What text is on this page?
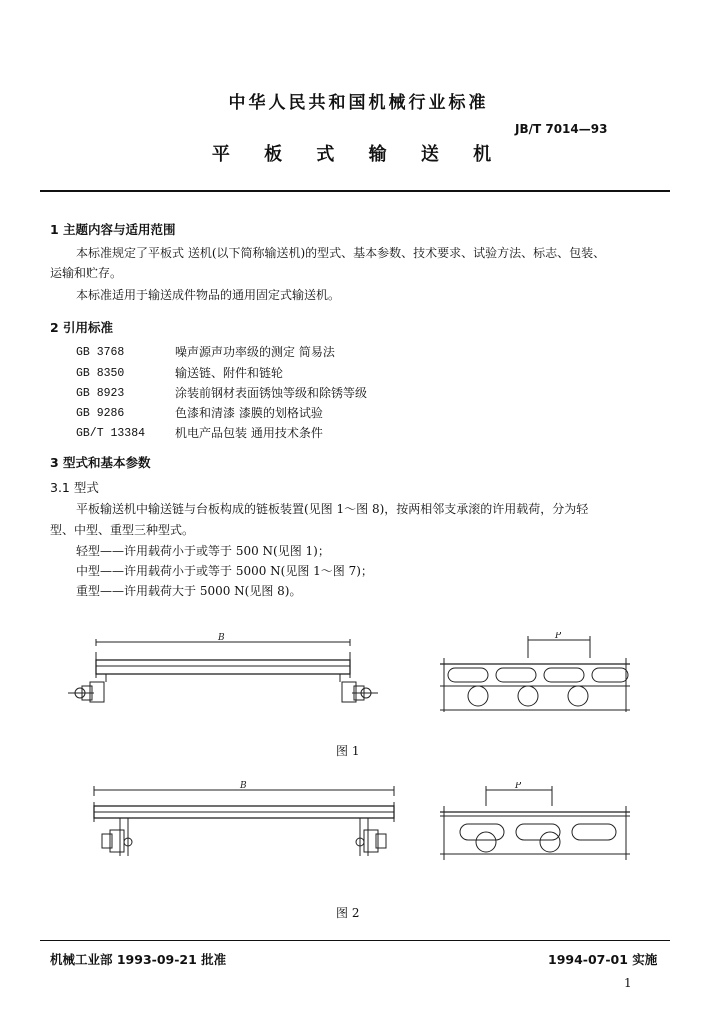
中华人民共和国机械行业标准
JB/T 7014—93
平 板 式 输 送 机
1 主题内容与适用范围
本标准规定了平板式 送机(以下简称输送机)的型式、基本参数、技术要求、试验方法、标志、包装、
运输和贮存。
本标准适用于输送成件物品的通用固定式输送机。
2 引用标准
GB 3768	噪声源声功率级的测定 简易法
GB 8350	输送链、附件和链轮
GB 8923	涂装前钢材表面锈蚀等级和除锈等级
GB 9286	色漆和清漆 漆膜的划格试验
GB/T 13384 机电产品包装 通用技术条件
3 型式和基本参数
3.1 型式
平板输送机中输送链与台板构成的链板装置(见图 1～图 8)，按两相邻支承滚的许用载荷，分为轻
型、中型、重型三种型式。
轻型——许用载荷小于或等于 500 N(见图 1)；
中型——许用载荷小于或等于 5000 N(见图 1～图 7)；
重型——许用载荷大于 5000 N(见图 8)。
B	P
图 1
B	P
图 2
机械工业部 1993-09-21 批准	1994-07-01 实施
1
